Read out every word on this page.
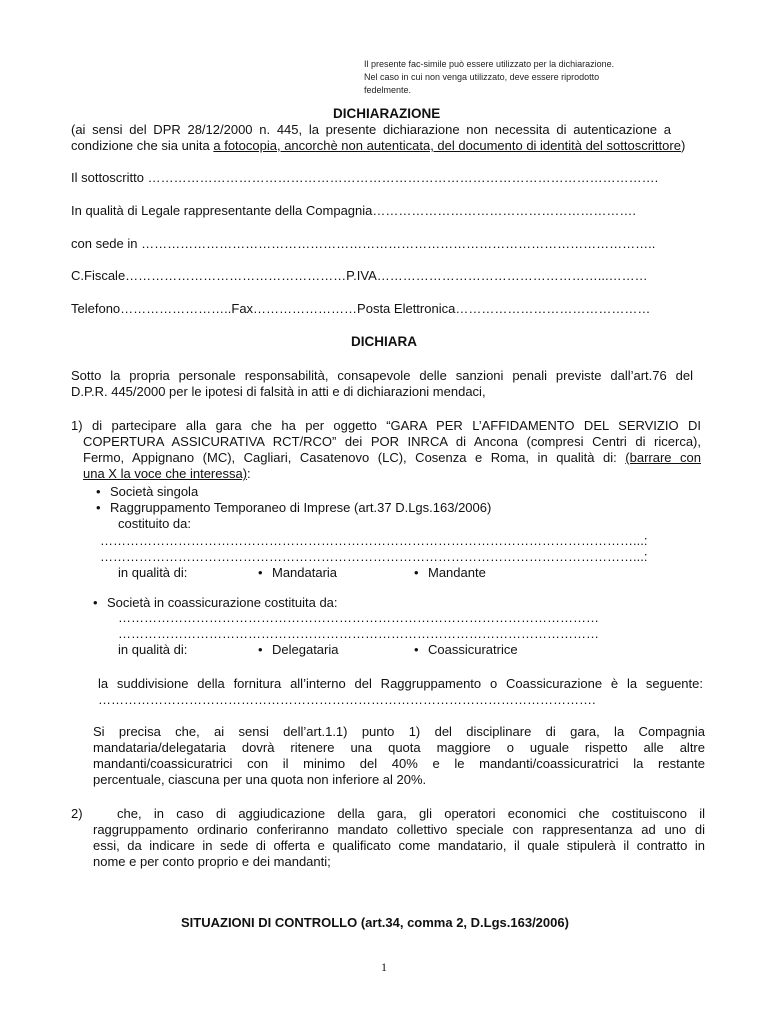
Il presente fac-simile può essere utilizzato per la dichiarazione.
Nel caso in cui non venga utilizzato, deve essere riprodotto
fedelmente.
DICHIARAZIONE
(ai sensi del DPR 28/12/2000 n. 445, la presente dichiarazione non necessita di autenticazione a
condizione che sia unita a fotocopia, ancorchè non autenticata, del documento di identità del sottoscrittore)
Il sottoscritto ……………………………………………………………………………………………………….
In qualità di Legale rappresentante della Compagnia…………………………………………………….
con sede in ………………………………………………………………………………………………………..
C.Fiscale……………………………………………P.IVA……………………………………………...………
Telefono……………………..Fax……………………Posta Elettronica………………………………………
DICHIARA
Sotto la propria personale responsabilità, consapevole delle sanzioni penali previste dall’art.76 del
D.P.R. 445/2000 per le ipotesi di falsità in atti e di dichiarazioni mendaci,
1) di partecipare alla gara che ha per oggetto “GARA PER L’AFFIDAMENTO DEL SERVIZIO DI
COPERTURA ASSICURATIVA RCT/RCO” dei POR INRCA di Ancona (compresi Centri di ricerca),
Fermo, Appignano (MC), Cagliari, Casatenovo (LC), Cosenza e Roma, in qualità di: (barrare con
una X la voce che interessa):
• Società singola
• Raggruppamento Temporaneo di Imprese (art.37 D.Lgs.163/2006)
costituito da:
……………………………………………………………………………………………………………...:
……………………………………………………………………………………………………………...:
in qualità di: •	Mandataria •	Mandante
• Società in coassicurazione costituita da:
…………………………………………………………………………………………………
…………………………………………………………………………………………………
in qualità di: •	Delegataria •	Coassicuratrice
la suddivisione della fornitura all’interno del Raggruppamento o Coassicurazione è la seguente:
…………………………………………………………………………………………………….
Si precisa che, ai sensi dell’art.1.1) punto 1) del disciplinare di gara, la Compagnia
mandataria/delegataria dovrà ritenere una quota maggiore o uguale rispetto alle altre
mandanti/coassicuratrici con il minimo del 40% e le mandanti/coassicuratrici la restante
percentuale, ciascuna per una quota non inferiore al 20%.
2)	che, in caso di aggiudicazione della gara, gli operatori economici che costituiscono il
raggruppamento ordinario conferiranno mandato collettivo speciale con rappresentanza ad uno di
essi, da indicare in sede di offerta e qualificato come mandatario, il quale stipulerà il contratto in
nome e per conto proprio e dei mandanti;
SITUAZIONI DI CONTROLLO (art.34, comma 2, D.Lgs.163/2006)
1
